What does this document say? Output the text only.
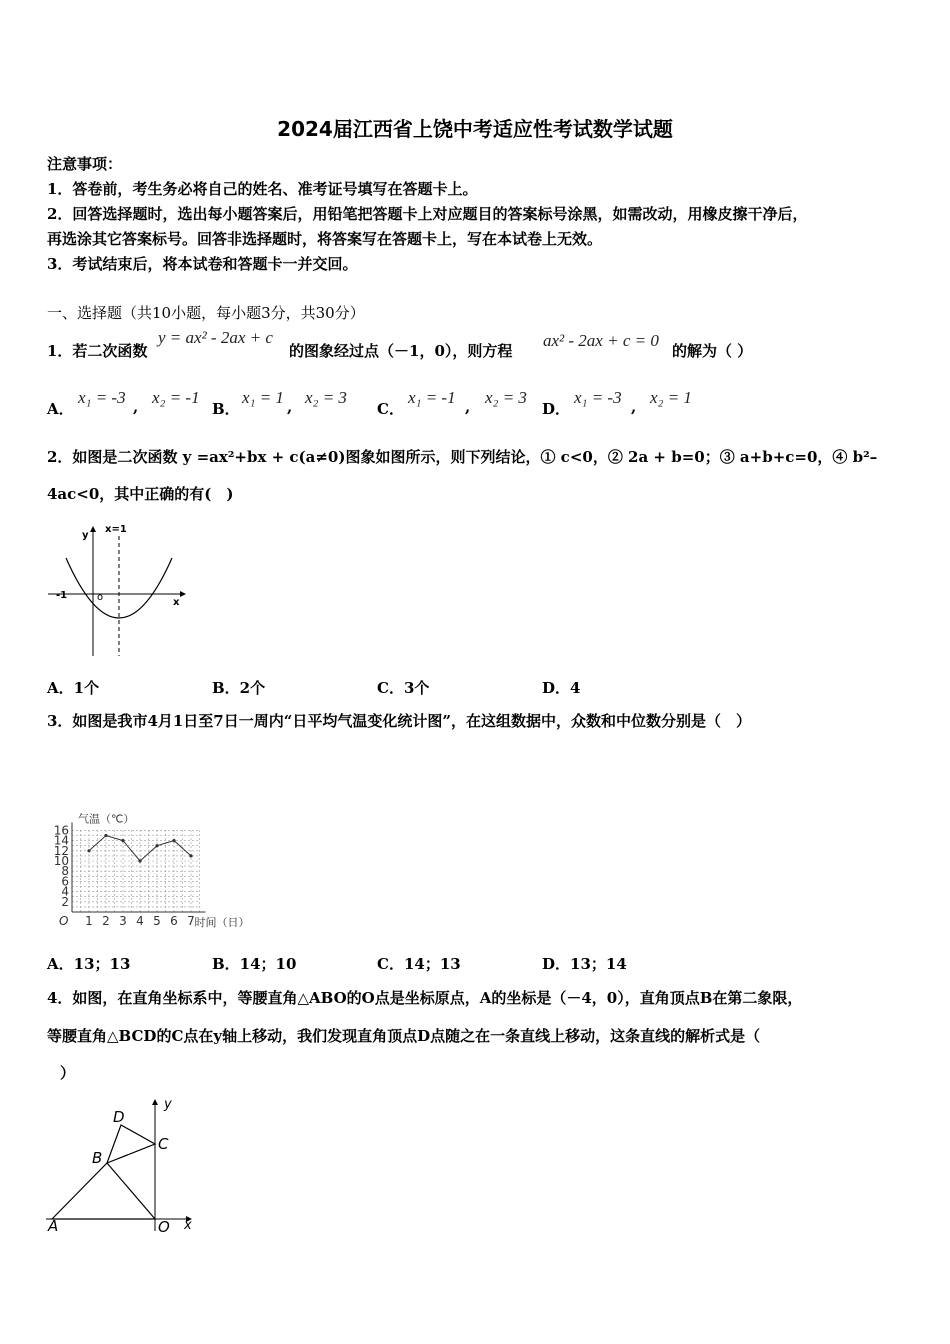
2024届江西省上饶中考适应性考试数学试题
注意事项：
1．答卷前，考生务必将自己的姓名、准考证号填写在答题卡上。
2．回答选择题时，选出每小题答案后，用铅笔把答题卡上对应题目的答案标号涂黑，如需改动，用橡皮擦干净后，
再选涂其它答案标号。回答非选择题时，将答案写在答题卡上，写在本试卷上无效。
3．考试结束后，将本试卷和答题卡一并交回。
一、选择题（共10小题，每小题3分，共30分）
1．若二次函数
y = ax² - 2ax + c
的图象经过点（－1，0），则方程
ax² - 2ax + c = 0
的解为（ ）
A．
x₁ = -3 , x₂ = -1
B．
x₁ = 1 , x₂ = 3
C．
x₁ = -1 , x₂ = 3
D．
x₁ = -3 , x₂ = 1
2．如图是二次函数 y =ax²+bx + c(a≠0)图象如图所示，则下列结论，① c<0，② 2a + b=0；③ a+b+c=0，④ b²–
4ac<0，其中正确的有(　)
y
x=1
-1	o	x
A．1个	B．2个	C．3个	D．4
3．如图是我市4月1日至7日一周内“日平均气温变化统计图”，在这组数据中，众数和中位数分别是（　）
2
4
6
8
10
12
14
16
1 2 3 4 5 6 7
气温（℃）
时间（日）
O
A．13；13	B．14；10	C．14；13	D．13；14
4．如图，在直角坐标系中，等腰直角△ABO的O点是坐标原点，A的坐标是（－4，0），直角顶点B在第二象限，
等腰直角△BCD的C点在y轴上移动，我们发现直角顶点D点随之在一条直线上移动，这条直线的解析式是（
）
A
B
C
D
O x
y
